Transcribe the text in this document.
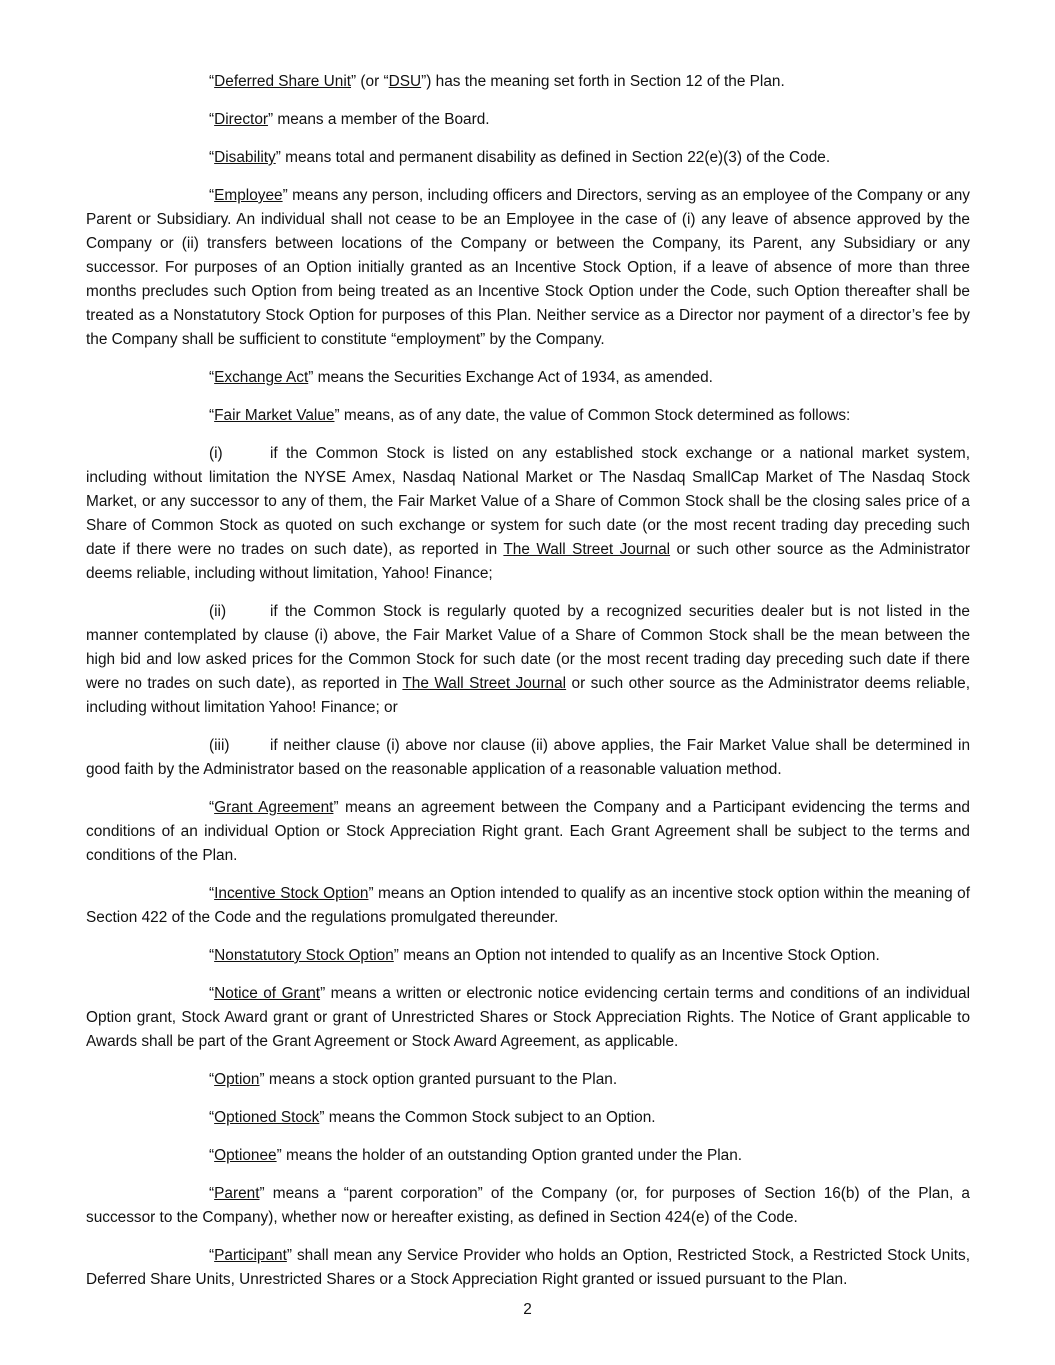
“Deferred Share Unit” (or “DSU”) has the meaning set forth in Section 12 of the Plan.

“Director” means a member of the Board.

“Disability” means total and permanent disability as defined in Section 22(e)(3) of the Code.

“Employee” means any person, including officers and Directors, serving as an employee of the Company or any Parent or Subsidiary. An individual shall not cease to be an Employee in the case of (i) any leave of absence approved by the Company or (ii) transfers between locations of the Company or between the Company, its Parent, any Subsidiary or any successor. For purposes of an Option initially granted as an Incentive Stock Option, if a leave of absence of more than three months precludes such Option from being treated as an Incentive Stock Option under the Code, such Option thereafter shall be treated as a Nonstatutory Stock Option for purposes of this Plan. Neither service as a Director nor payment of a director’s fee by the Company shall be sufficient to constitute “employment” by the Company.

“Exchange Act” means the Securities Exchange Act of 1934, as amended.

“Fair Market Value” means, as of any date, the value of Common Stock determined as follows:

(i)	if the Common Stock is listed on any established stock exchange or a national market system, including without limitation the NYSE Amex, Nasdaq National Market or The Nasdaq SmallCap Market of The Nasdaq Stock Market, or any successor to any of them, the Fair Market Value of a Share of Common Stock shall be the closing sales price of a Share of Common Stock as quoted on such exchange or system for such date (or the most recent trading day preceding such date if there were no trades on such date), as reported in The Wall Street Journal or such other source as the Administrator deems reliable, including without limitation, Yahoo! Finance;

(ii)	if the Common Stock is regularly quoted by a recognized securities dealer but is not listed in the manner contemplated by clause (i) above, the Fair Market Value of a Share of Common Stock shall be the mean between the high bid and low asked prices for the Common Stock for such date (or the most recent trading day preceding such date if there were no trades on such date), as reported in The Wall Street Journal or such other source as the Administrator deems reliable, including without limitation Yahoo! Finance; or

(iii)	if neither clause (i) above nor clause (ii) above applies, the Fair Market Value shall be determined in good faith by the Administrator based on the reasonable application of a reasonable valuation method.

“Grant Agreement” means an agreement between the Company and a Participant evidencing the terms and conditions of an individual Option or Stock Appreciation Right grant. Each Grant Agreement shall be subject to the terms and conditions of the Plan.

“Incentive Stock Option” means an Option intended to qualify as an incentive stock option within the meaning of Section 422 of the Code and the regulations promulgated thereunder.

“Nonstatutory Stock Option” means an Option not intended to qualify as an Incentive Stock Option.

“Notice of Grant” means a written or electronic notice evidencing certain terms and conditions of an individual Option grant, Stock Award grant or grant of Unrestricted Shares or Stock Appreciation Rights. The Notice of Grant applicable to Awards shall be part of the Grant Agreement or Stock Award Agreement, as applicable.

“Option” means a stock option granted pursuant to the Plan.

“Optioned Stock” means the Common Stock subject to an Option.

“Optionee” means the holder of an outstanding Option granted under the Plan.

“Parent” means a “parent corporation” of the Company (or, for purposes of Section 16(b) of the Plan, a successor to the Company), whether now or hereafter existing, as defined in Section 424(e) of the Code.

“Participant” shall mean any Service Provider who holds an Option, Restricted Stock, a Restricted Stock Units, Deferred Share Units, Unrestricted Shares or a Stock Appreciation Right granted or issued pursuant to the Plan.

2
